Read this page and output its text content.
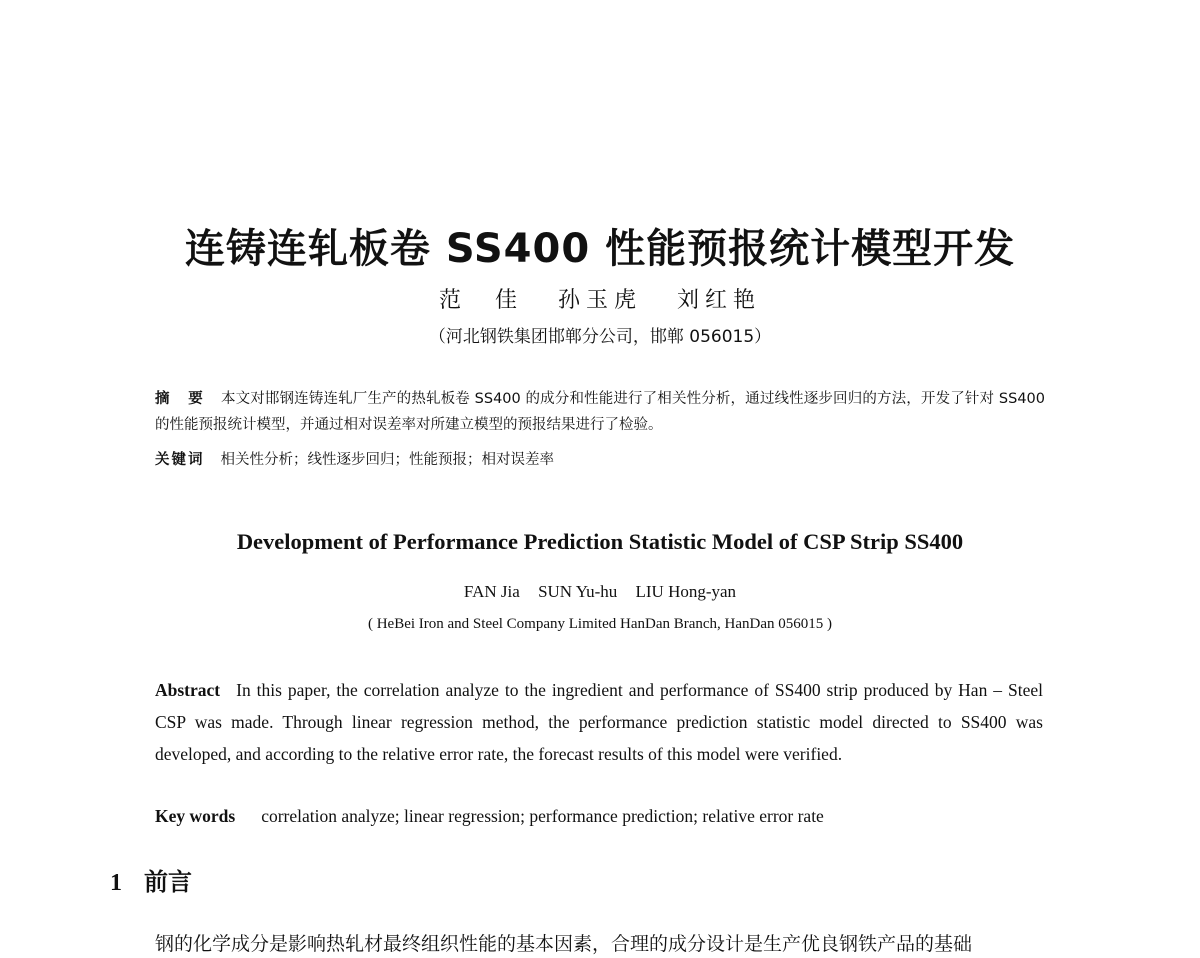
连铸连轧板卷 SS400 性能预报统计模型开发
范　佳 孙玉虎 刘红艳
（河北钢铁集团邯郸分公司，邯郸 056015）
摘　要 本文对邯钢连铸连轧厂生产的热轧板卷 SS400 的成分和性能进行了相关性分析，通过线性逐步回归的方法，开发了针对 SS400 的性能预报统计模型，并通过相对误差率对所建立模型的预报结果进行了检验。
关键词 相关性分析；线性逐步回归；性能预报；相对误差率
Development of Performance Prediction Statistic Model of CSP Strip SS400
FAN Jia SUN Yu-hu LIU Hong-yan
( HeBei Iron and Steel Company Limited HanDan Branch, HanDan 056015 )
Abstract In this paper, the correlation analyze to the ingredient and performance of SS400 strip produced by Han – Steel CSP was made. Through linear regression method, the performance prediction statistic model directed to SS400 was developed, and according to the relative error rate, the forecast results of this model were verified.
Key words correlation analyze; linear regression; performance prediction; relative error rate
1 前言
钢的化学成分是影响热轧材最终组织性能的基本因素，合理的成分设计是生产优良钢铁产品的基础
